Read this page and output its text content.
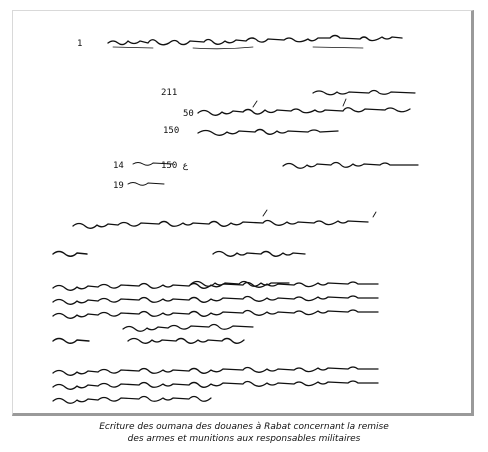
1
211
50
150
ع 150
14
19
Ecriture des oumana des douanes à Rabat concernant la remise
des armes et munitions aux responsables militaires
